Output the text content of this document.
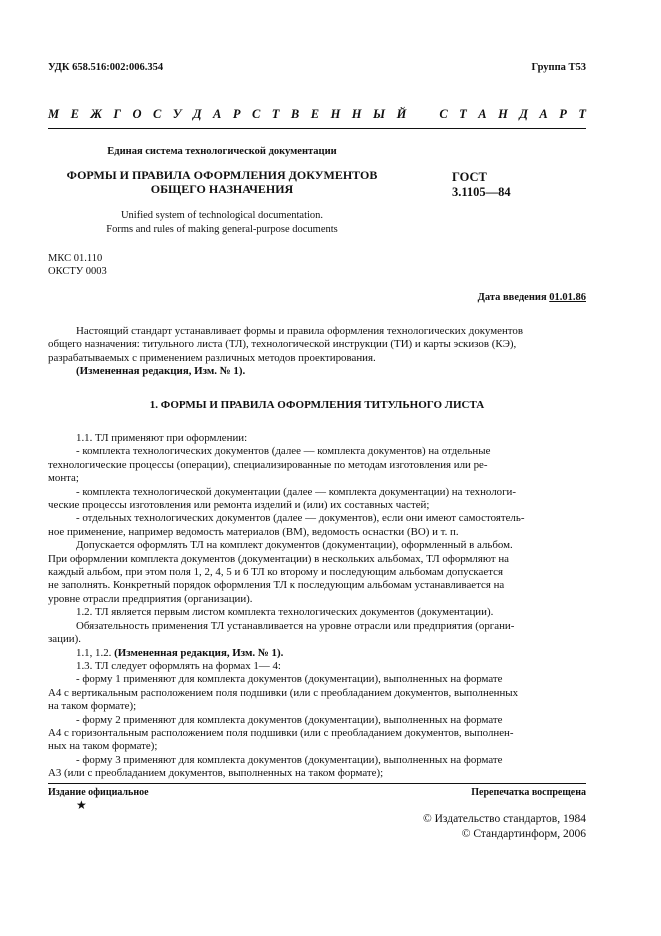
УДК 658.516:002:006.354	Группа Т53
М Е Ж Г О С У Д А Р С Т В Е Н Н Ы Й	С Т А Н Д А Р Т
Единая система технологической документации
ФОРМЫ И ПРАВИЛА ОФОРМЛЕНИЯ ДОКУМЕНТОВ
ОБЩЕГО НАЗНАЧЕНИЯ
ГОСТ
3.1105—84
Unified system of technological documentation.
Forms and rules of making general-purpose documents
МКС 01.110
ОКСТУ 0003
Дата введения 01.01.86
Настоящий стандарт устанавливает формы и правила оформления технологических документов
общего назначения: титульного листа (ТЛ), технологической инструкции (ТИ) и карты эскизов (КЭ),
разрабатываемых с применением различных методов проектирования.
(Измененная редакция, Изм. № 1).
1. ФОРМЫ И ПРАВИЛА ОФОРМЛЕНИЯ ТИТУЛЬНОГО ЛИСТА
1.1. ТЛ применяют при оформлении:
- комплекта технологических документов (далее — комплекта документов) на отдельные
технологические процессы (операции), специализированные по методам изготовления или ре-
монта;
- комплекта технологической документации (далее — комплекта документации) на технологи-
ческие процессы изготовления или ремонта изделий и (или) их составных частей;
- отдельных технологических документов (далее — документов), если они имеют самостоятель-
ное применение, например ведомость материалов (ВМ), ведомость оснастки (ВО) и т. п.
Допускается оформлять ТЛ на комплект документов (документации), оформленный в альбом.
При оформлении комплекта документов (документации) в нескольких альбомах, ТЛ оформляют на
каждый альбом, при этом поля 1, 2, 4, 5 и 6 ТЛ ко второму и последующим альбомам допускается
не заполнять. Конкретный порядок оформления ТЛ к последующим альбомам устанавливается на
уровне отрасли предприятия (организации).
1.2. ТЛ является первым листом комплекта технологических документов (документации).
Обязательность применения ТЛ устанавливается на уровне отрасли или предприятия (органи-
зации).
1.1, 1.2. (Измененная редакция, Изм. № 1).
1.3. ТЛ следует оформлять на формах 1— 4:
- форму 1 применяют для комплекта документов (документации), выполненных на формате
А4 с вертикальным расположением поля подшивки (или с преобладанием документов, выполненных
на таком формате);
- форму 2 применяют для комплекта документов (документации), выполненных на формате
А4 с горизонтальным расположением поля подшивки (или с преобладанием документов, выполнен-
ных на таком формате);
- форму 3 применяют для комплекта документов (документации), выполненных на формате
А3 (или с преобладанием документов, выполненных на таком формате);
Издание официальное
★
Перепечатка воспрещена
© Издательство стандартов, 1984
© Стандартинформ, 2006
